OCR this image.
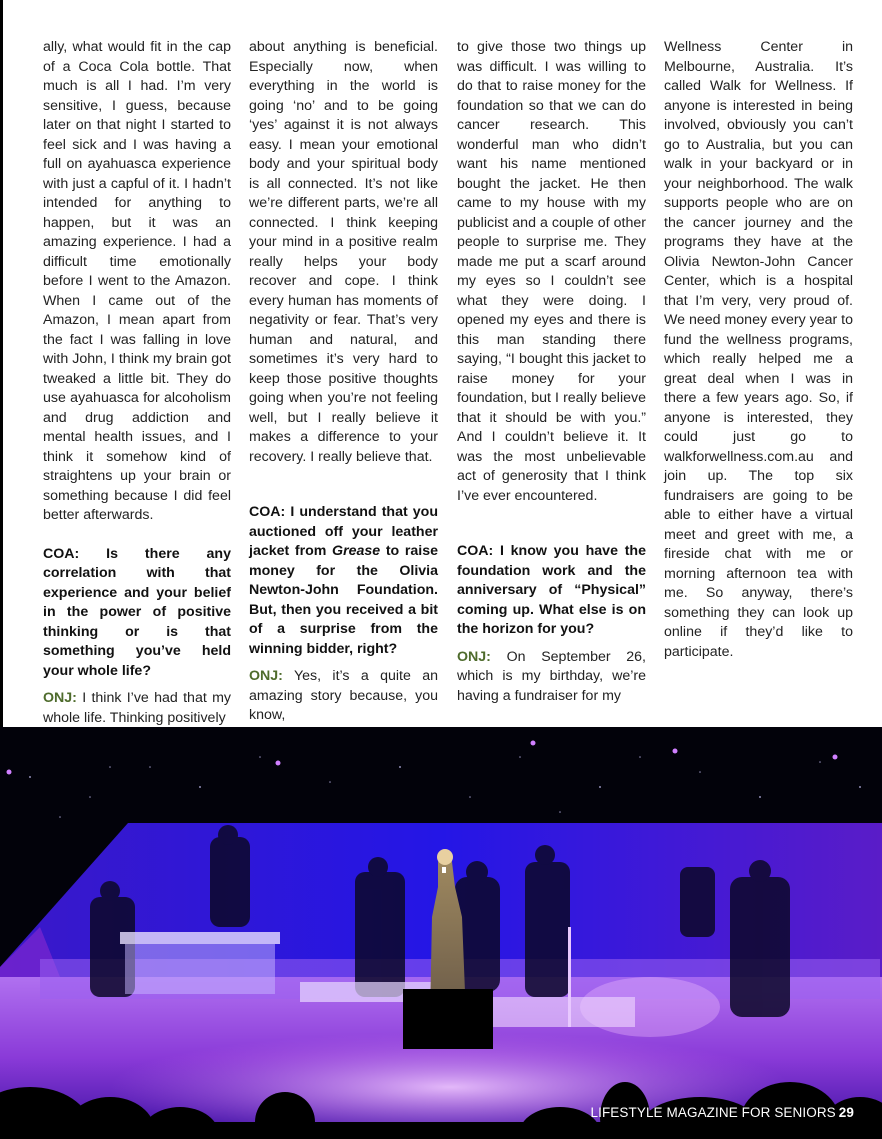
ally, what would fit in the cap of a Coca Cola bottle. That much is all I had. I’m very sensitive, I guess, because later on that night I started to feel sick and I was having a full on ayahuasca experience with just a capful of it. I hadn’t intended for anything to happen, but it was an amazing experience. I had a difficult time emotionally before I went to the Amazon. When I came out of the Amazon, I mean apart from the fact I was falling in love with John, I think my brain got tweaked a little bit. They do use ayahuasca for alcoholism and drug addiction and mental health issues, and I think it somehow kind of straightens up your brain or something because I did feel better afterwards.

COA: Is there any correlation with that experience and your belief in the power of positive thinking or is that something you’ve held your whole life?

ONJ: I think I’ve had that my whole life. Thinking positively

about anything is beneficial. Especially now, when everything in the world is going ‘no’ and to be going ‘yes’ against it is not always easy. I mean your emotional body and your spiritual body is all connected. It’s not like we’re different parts, we’re all connected. I think keeping your mind in a positive realm really helps your body recover and cope. I think every human has moments of negativity or fear. That’s very human and natural, and sometimes it’s very hard to keep those positive thoughts going when you’re not feeling well, but I really believe it makes a difference to your recovery. I really believe that.

COA: I understand that you auctioned off your leather jacket from Grease to raise money for the Olivia Newton-John Foundation. But, then you received a bit of a surprise from the winning bidder, right?

ONJ: Yes, it’s a quite an amazing story because, you know,

to give those two things up was difficult. I was willing to do that to raise money for the foundation so that we can do cancer research. This wonderful man who didn’t want his name mentioned bought the jacket. He then came to my house with my publicist and a couple of other people to surprise me. They made me put a scarf around my eyes so I couldn’t see what they were doing. I opened my eyes and there is this man standing there saying, “I bought this jacket to raise money for your foundation, but I really believe that it should be with you.” And I couldn’t believe it. It was the most unbelievable act of generosity that I think I’ve ever encountered.

COA: I know you have the foundation work and the anniversary of “Physical” coming up. What else is on the horizon for you?

ONJ: On September 26, which is my birthday, we’re having a fundraiser for my

Wellness Center in Melbourne, Australia. It’s called Walk for Wellness. If anyone is interested in being involved, obviously you can’t go to Australia, but you can walk in your backyard or in your neighborhood. The walk supports people who are on the cancer journey and the programs they have at the Olivia Newton-John Cancer Center, which is a hospital that I’m very, very proud of. We need money every year to fund the wellness programs, which really helped me a great deal when I was in there a few years ago. So, if anyone is interested, they could just go to walkforwellness.com.au and join up. The top six fundraisers are going to be able to either have a virtual meet and greet with me, a fireside chat with me or morning afternoon tea with me. So anyway, there’s something they can look up online if they’d like to participate.

LIFESTYLE MAGAZINE FOR SENIORS 29
